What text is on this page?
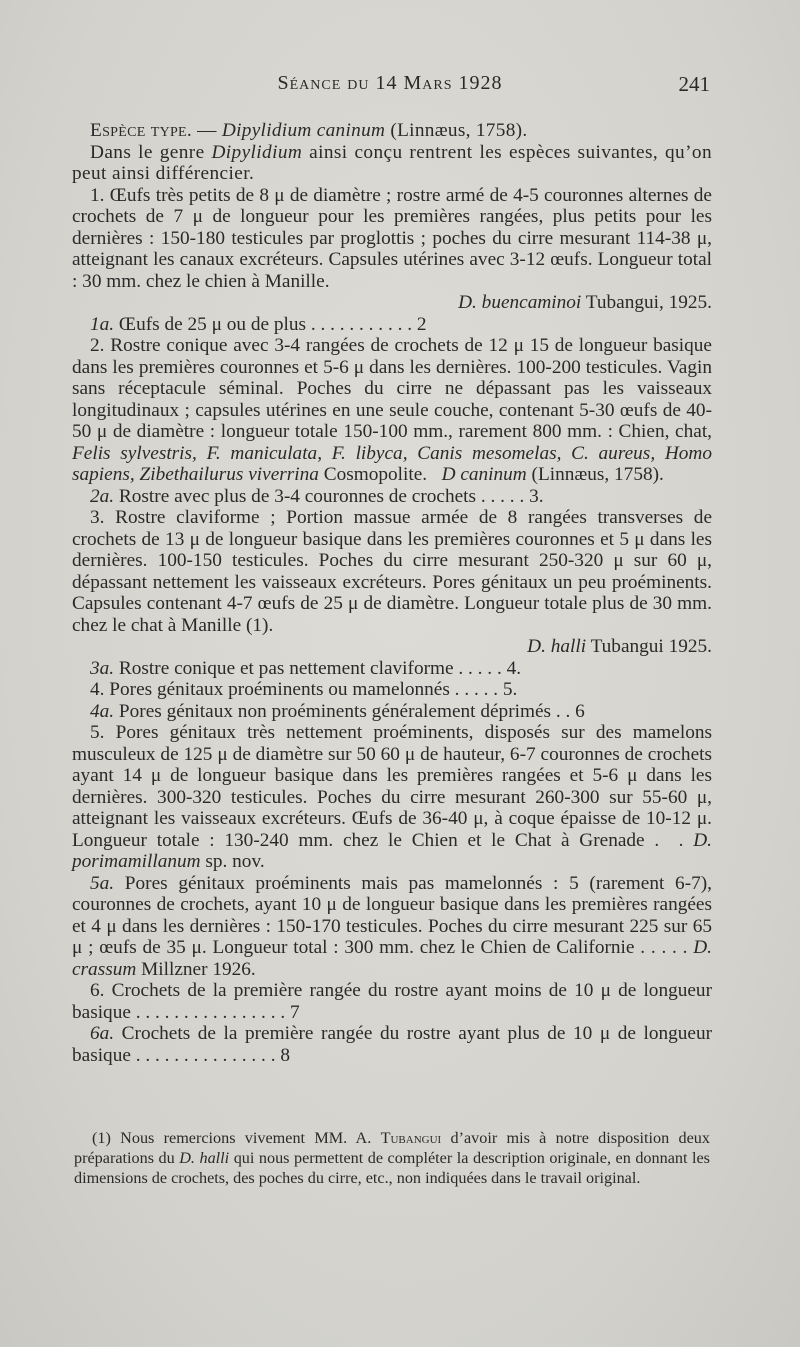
Séance du 14 Mars 1928	241

Espèce type. — Dipylidium caninum (Linnæus, 1758).

Dans le genre Dipylidium ainsi conçu rentrent les espèces suivantes, qu’on peut ainsi différencier.

1. Œufs très petits de 8 μ de diamètre ; rostre armé de 4-5 couronnes alternes de crochets de 7 μ de longueur pour les premières rangées, plus petits pour les dernières : 150-180 testicules par proglottis ; poches du cirre mesurant 114-38 μ, atteignant les canaux excréteurs. Capsules utérines avec 3-12 œufs. Longueur total : 30 mm. chez le chien à Manille.

D. buencaminoi Tubangui, 1925.

1a. Œufs de 25 μ ou de plus . . . . . . . . . . . 2

2. Rostre conique avec 3-4 rangées de crochets de 12 μ 15 de longueur basique dans les premières couronnes et 5-6 μ dans les dernières. 100-200 testicules. Vagin sans réceptacule séminal. Poches du cirre ne dépassant pas les vaisseaux longitudinaux ; capsules utérines en une seule couche, contenant 5-30 œufs de 40-50 μ de diamètre : longueur totale 150-100 mm., rarement 800 mm. : Chien, chat, Felis sylvestris, F. maniculata, F. libyca, Canis mesomelas, C. aureus, Homo sapiens, Zibethailurus viverrina Cosmopolite. D caninum (Linnæus, 1758).

2a. Rostre avec plus de 3-4 couronnes de crochets . . . . . 3.

3. Rostre claviforme ; Portion massue armée de 8 rangées transverses de crochets de 13 μ de longueur basique dans les premières couronnes et 5 μ dans les dernières. 100-150 testicules. Poches du cirre mesurant 250-320 μ sur 60 μ, dépassant nettement les vaisseaux excréteurs. Pores génitaux un peu proéminents. Capsules contenant 4-7 œufs de 25 μ de diamètre. Longueur totale plus de 30 mm. chez le chat à Manille (1).

D. halli Tubangui 1925.

3a. Rostre conique et pas nettement claviforme . . . . . 4.

4. Pores génitaux proéminents ou mamelonnés . . . . . 5.

4a. Pores génitaux non proéminents généralement déprimés . . 6

5. Pores génitaux très nettement proéminents, disposés sur des mamelons musculeux de 125 μ de diamètre sur 50 60 μ de hauteur, 6-7 couronnes de crochets ayant 14 μ de longueur basique dans les premières rangées et 5-6 μ dans les dernières. 300-320 testicules. Poches du cirre mesurant 260-300 sur 55-60 μ, atteignant les vaisseaux excréteurs. Œufs de 36-40 μ, à coque épaisse de 10-12 μ. Longueur totale : 130-240 mm. chez le Chien et le Chat à Grenade .  . D. porimamillanum sp. nov.

5a. Pores génitaux proéminents mais pas mamelonnés : 5 (rarement 6-7), couronnes de crochets, ayant 10 μ de longueur basique dans les premières rangées et 4 μ dans les dernières : 150-170 testicules. Poches du cirre mesurant 225 sur 65 μ ; œufs de 35 μ. Longueur total : 300 mm. chez le Chien de Californie . . . . . D. crassum Millzner 1926.

6. Crochets de la première rangée du rostre ayant moins de 10 μ de longueur basique . . . . . . . . . . . . . . . . 7

6a. Crochets de la première rangée du rostre ayant plus de 10 μ de longueur basique . . . . . . . . . . . . . . . 8

(1) Nous remercions vivement MM. A. Tubangui d’avoir mis à notre disposition deux préparations du D. halli qui nous permettent de compléter la description originale, en donnant les dimensions de crochets, des poches du cirre, etc., non indiquées dans le travail original.
